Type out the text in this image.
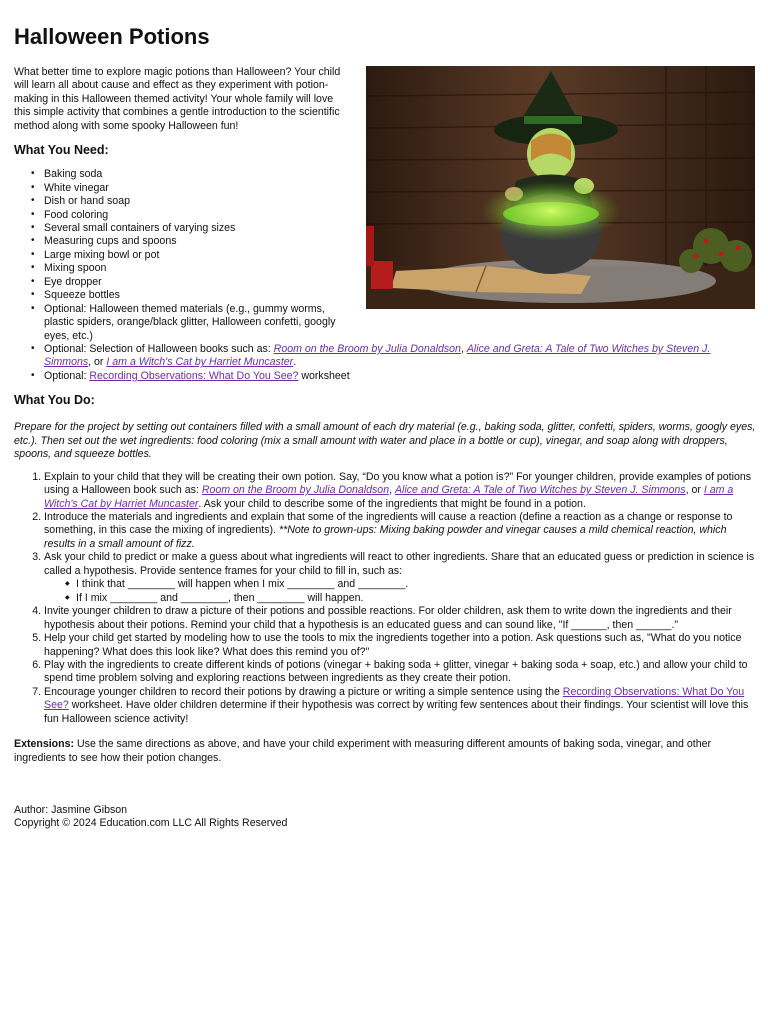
Halloween Potions

What better time to explore magic potions than Halloween? Your child will learn all about cause and effect as they experiment with potion-making in this Halloween themed activity! Your whole family will love this simple activity that combines a gentle introduction to the scientific method along with some spooky Halloween fun!

What You Need:
• Baking soda
• White vinegar
• Dish or hand soap
• Food coloring
• Several small containers of varying sizes
• Measuring cups and spoons
• Large mixing bowl or pot
• Mixing spoon
• Eye dropper
• Squeeze bottles
• Optional: Halloween themed materials (e.g., gummy worms, plastic spiders, orange/black glitter, Halloween confetti, googly eyes, etc.)
• Optional: Selection of Halloween books such as: Room on the Broom by Julia Donaldson, Alice and Greta: A Tale of Two Witches by Steven J. Simmons, or I am a Witch's Cat by Harriet Muncaster.
• Optional: Recording Observations: What Do You See? worksheet
What You Do:

Prepare for the project by setting out containers filled with a small amount of each dry material (e.g., baking soda, glitter, confetti, spiders, worms, googly eyes, etc.). Then set out the wet ingredients: food coloring (mix a small amount with water and place in a bottle or cup), vinegar, and soap along with droppers, spoons, and squeeze bottles.

1. Explain to your child that they will be creating their own potion. Say, “Do you know what a potion is?” For younger children, provide examples of potions using a Halloween book such as: Room on the Broom by Julia Donaldson, Alice and Greta: A Tale of Two Witches by Steven J. Simmons, or I am a Witch's Cat by Harriet Muncaster. Ask your child to describe some of the ingredients that might be found in a potion.
2. Introduce the materials and ingredients and explain that some of the ingredients will cause a reaction (define a reaction as a change or response to something, in this case the mixing of ingredients). **Note to grown-ups: Mixing baking powder and vinegar causes a mild chemical reaction, which results in a small amount of fizz.
3. Ask your child to predict or make a guess about what ingredients will react to other ingredients. Share that an educated guess or prediction in science is called a hypothesis. Provide sentence frames for your child to fill in, such as:
◆ I think that ________ will happen when I mix ________ and ________.
◆ If I mix ________ and ________, then ________ will happen.
4. Invite younger children to draw a picture of their potions and possible reactions. For older children, ask them to write down the ingredients and their hypothesis about their potions. Remind your child that a hypothesis is an educated guess and can sound like, "If ______, then ______."
5. Help your child get started by modeling how to use the tools to mix the ingredients together into a potion. Ask questions such as, "What do you notice happening? What does this look like? What does this remind you of?"
6. Play with the ingredients to create different kinds of potions (vinegar + baking soda + glitter, vinegar + baking soda + soap, etc.) and allow your child to spend time problem solving and exploring reactions between ingredients as they create their potion.
7. Encourage younger children to record their potions by drawing a picture or writing a simple sentence using the Recording Observations: What Do You See? worksheet. Have older children determine if their hypothesis was correct by writing few sentences about their findings. Your scientist will love this fun Halloween science activity!

Extensions: Use the same directions as above, and have your child experiment with measuring different amounts of baking soda, vinegar, and other ingredients to see how their potion changes.

Author: Jasmine Gibson
Copyright © 2024 Education.com LLC All Rights Reserved
